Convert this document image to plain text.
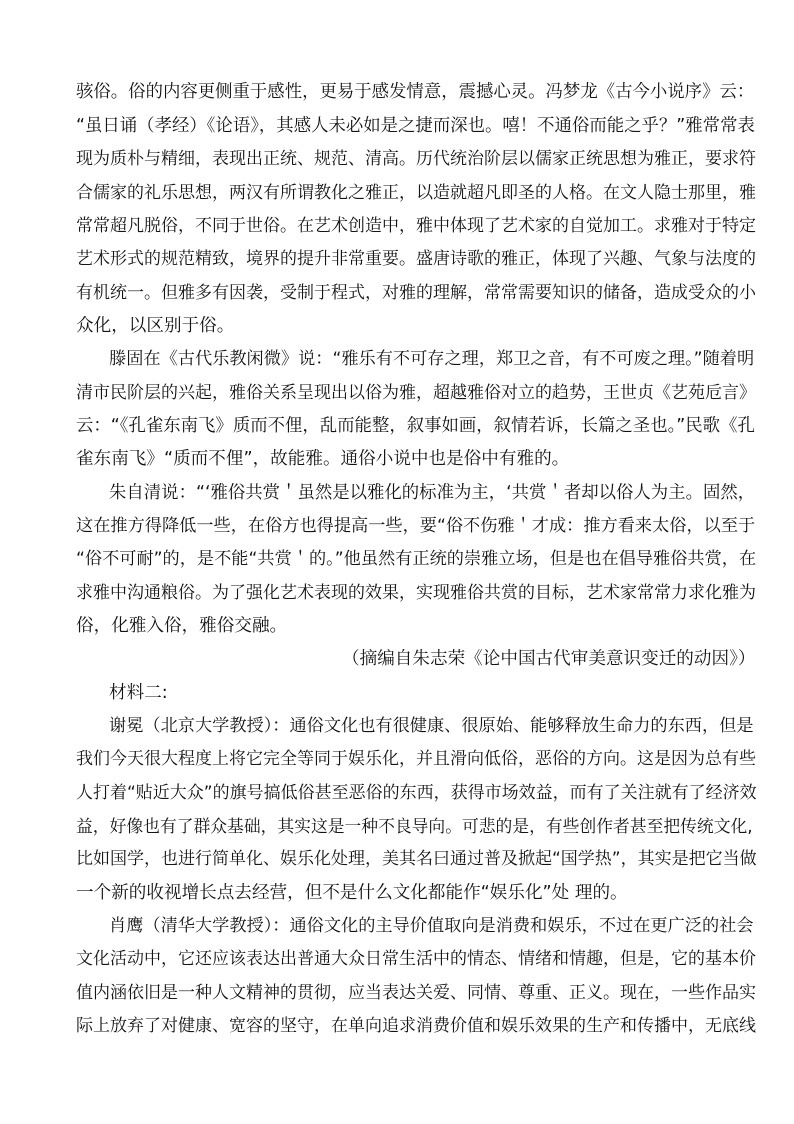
骇俗。俗的内容更侧重于感性，更易于感发情意，震撼心灵。冯梦龙《古今小说序》云：
“虽日诵（孝经）《论语》，其感人未必如是之捷而深也。嘻！不通俗而能之乎？”雅常常表
现为质朴与精细，表现出正统、规范、清高。历代统治阶层以儒家正统思想为雅正，要求符
合儒家的礼乐思想，两汉有所谓教化之雅正，以造就超凡即圣的人格。在文人隐士那里，雅
常常超凡脱俗，不同于世俗。在艺术创造中，雅中体现了艺术家的自觉加工。求雅对于特定
艺术形式的规范精致，境界的提升非常重要。盛唐诗歌的雅正，体现了兴趣、气象与法度的
有机统一。但雅多有因袭，受制于程式，对雅的理解，常常需要知识的储备，造成受众的小
众化，以区别于俗。
滕固在《古代乐教闲微》说：“雅乐有不可存之理，郑卫之音，有不可废之理。”随着明
清市民阶层的兴起，雅俗关系呈现出以俗为雅，超越雅俗对立的趋势，王世贞《艺苑卮言》
云：“《孔雀东南飞》质而不俚，乱而能整，叙事如画，叙情若诉，长篇之圣也。”民歌《孔
雀东南飞》“质而不俚”，故能雅。通俗小说中也是俗中有雅的。
朱自清说：“‘雅俗共赏＇虽然是以雅化的标准为主，‘共赏＇者却以俗人为主。固然，
这在推方得降低一些，在俗方也得提高一些，要“俗不伤雅＇才成：推方看来太俗，以至于
“俗不可耐”的，是不能“共赏＇的。”他虽然有正统的崇雅立场，但是也在倡导雅俗共赏，在
求雅中沟通粮俗。为了强化艺术表现的效果，实现雅俗共赏的目标，艺术家常常力求化雅为
俗，化雅入俗，雅俗交融。
（摘编自朱志荣《论中国古代审美意识变迁的动因》）
材料二:
谢冕（北京大学教授）：通俗文化也有很健康、很原始、能够释放生命力的东西，但是
我们今天很大程度上将它完全等同于娱乐化，并且滑向低俗，恶俗的方向。这是因为总有些
人打着“贴近大众”的旗号搞低俗甚至恶俗的东西，获得市场效益，而有了关注就有了经济效
益，好像也有了群众基础，其实这是一种不良导向。可悲的是，有些创作者甚至把传统文化,
比如国学，也进行简单化、娱乐化处理，美其名曰通过普及掀起“国学热”，其实是把它当做
一个新的收视增长点去经营，但不是什么文化都能作“娱乐化”处 理的。
肖鹰（清华大学教授）：通俗文化的主导价值取向是消费和娱乐，不过在更广泛的社会
文化活动中，它还应该表达出普通大众日常生活中的情态、情绪和情趣，但是，它的基本价
值内涵依旧是一种人文精神的贯彻，应当表达关爱、同情、尊重、正义。现在，一些作品实
际上放弃了对健康、宽容的坚守，在单向追求消费价值和娱乐效果的生产和传播中，无底线
